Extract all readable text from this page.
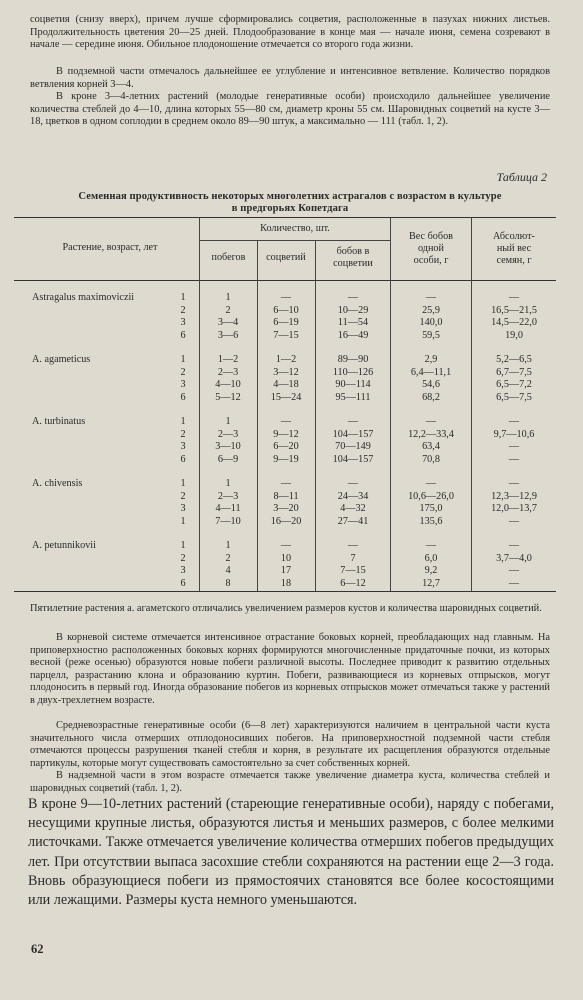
соцветия (снизу вверх), причем лучше сформировались соцветия, расположенные в пазухах нижних листьев. Продолжительность цветения 20—25 дней. Плодообразование в конце мая — начале июня, семена созревают в начале — середине июня. Обильное плодоношение отмечается со второго года жизни.

В подземной части отмечалось дальнейшее ее углубление и интенсивное ветвление. Количество порядков ветвления корней 3—4.

В кроне 3—4-летних растений (молодые генеративные особи) происходило дальнейшее увеличение количества стеблей до 4—10, длина которых 55—80 см, диаметр кроны 55 см. Шаровидных соцветий на кусте 3—18, цветков в одном соплодии в среднем около 89—90 штук, а максимально — 111 (табл. 1, 2).

Таблица 2

Семенная продуктивность некоторых многолетних астрагалов с возрастом в культуре
в предгорьях Копетдага

Растение, возраст, лет
Количество, шт.
побегов	соцветий
бобов в
соцветии
Вес бобов
одной
особи, г
Абсолют-
ный вес
семян, г
Astragalus maximoviczii	1	1	—	—	—	—
2	2	6—10	10—29	25,9	16,5—21,5
3	3—4	6—19	11—54	140,0	14,5—22,0
6	3—6	7—15	16—49	59,5	19,0
A. agameticus	1	1—2	1—2	89—90	2,9	5,2—6,5
2	2—3	3—12	110—126	6,4—11,1	6,7—7,5
3	4—10	4—18	90—114	54,6	6,5—7,2
6	5—12	15—24	95—111	68,2	6,5—7,5
A. turbinatus	1	1	—	—	—	—
2	2—3	9—12	104—157	12,2—33,4	9,7—10,6
3	3—10	6—20	70—149	63,4	—
6	6—9	9—19	104—157	70,8	—
A. chivensis	1	1	—	—	—	—
2	2—3	8—11	24—34	10,6—26,0	12,3—12,9
3	4—11	3—20	4—32	175,0	12,0—13,7
1	7—10	16—20	27—41	135,6	—
A. petunnikovii	1	1	—	—	—	—
2	2	10	7	6,0	3,7—4,0
3	4	17	7—15	9,2	—
6	8	18	6—12	12,7	—

Пятилетние растения а. агаметского отличались увеличением размеров кустов и количества шаровидных соцветий.

В корневой системе отмечается интенсивное отрастание боковых корней, преобладающих над главным. На приповерхностно расположенных боковых корнях формируются многочисленные придаточные почки, из которых весной (реже осенью) образуются новые побеги различной высоты. Последнее приводит к развитию отдельных парцелл, разрастанию клона и образованию куртин. Побеги, развивающиеся из корневых отпрысков, могут плодоносить в первый год. Иногда образование побегов из корневых отпрысков может отмечаться также у растений в двух-трехлетнем возрасте.

Средневозрастные генеративные особи (6—8 лет) характеризуются наличием в центральной части куста значительного числа отмерших отплодоносивших побегов. На приповерхностной подземной части стебля отмечаются процессы разрушения тканей стебля и корня, в результате их расщепления образуются отдельные партикулы, которые могут существовать самостоятельно за счет собственных корней.

В надземной части в этом возрасте отмечается также увеличение диаметра куста, количества стеблей и шаровидных соцветий (табл. 1, 2).

В кроне 9—10-летних растений (стареющие генеративные особи), наряду с побегами, несущими крупные листья, образуются листья и меньших размеров, с более мелкими листочками. Также отмечается увеличение количества отмерших побегов предыдущих лет. При отсутствии выпаса засохшие стебли сохраняются на растении еще 2—3 года. Вновь образующиеся побеги из прямостоячих становятся все более косостоящими или лежащими. Размеры куста немного уменьшаются.

62
